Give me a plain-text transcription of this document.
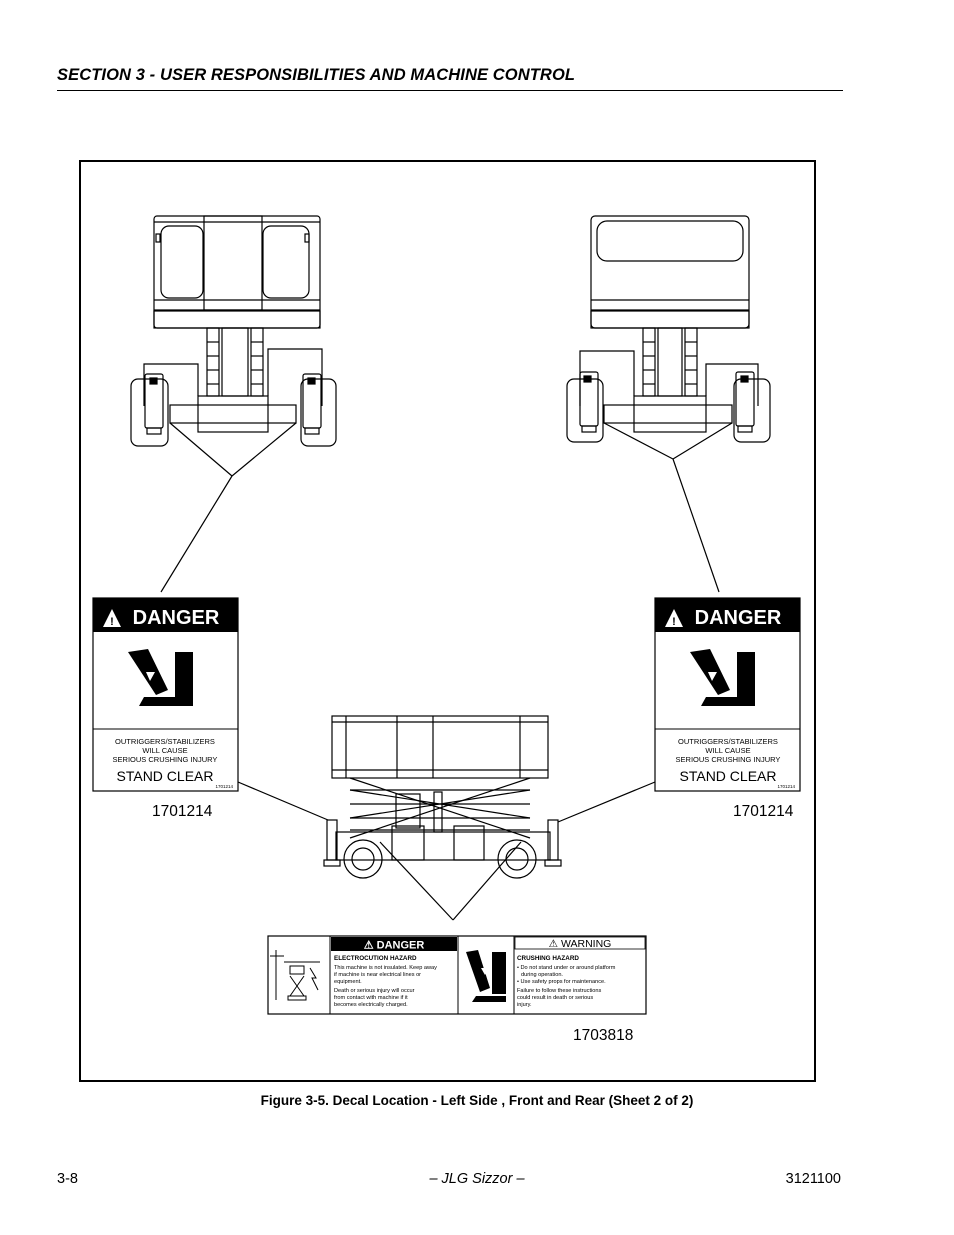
SECTION 3 - USER RESPONSIBILITIES AND MACHINE CONTROL
! DANGER
OUTRIGGERS/STABILIZERS
WILL CAUSE
SERIOUS CRUSHING INJURY
STAND CLEAR
1701214
1701214
! DANGER
OUTRIGGERS/STABILIZERS
WILL CAUSE
SERIOUS CRUSHING INJURY
STAND CLEAR
1701214
1701214
⚠ DANGER
ELECTROCUTION HAZARD
This machine is not insulated. Keep away
if machine is near electrical lines or
equipment.
Death or serious injury will occur
from contact with machine if it
becomes electrically charged.
⚠ WARNING
CRUSHING HAZARD
• Do not stand under or around platform
during operation.
• Use safety props for maintenance.
Failure to follow these instructions
could result in death or serious
injury.
1703818
Figure 3-5. Decal Location - Left Side , Front and Rear (Sheet 2 of 2)
3-8	– JLG Sizzor –	3121100
